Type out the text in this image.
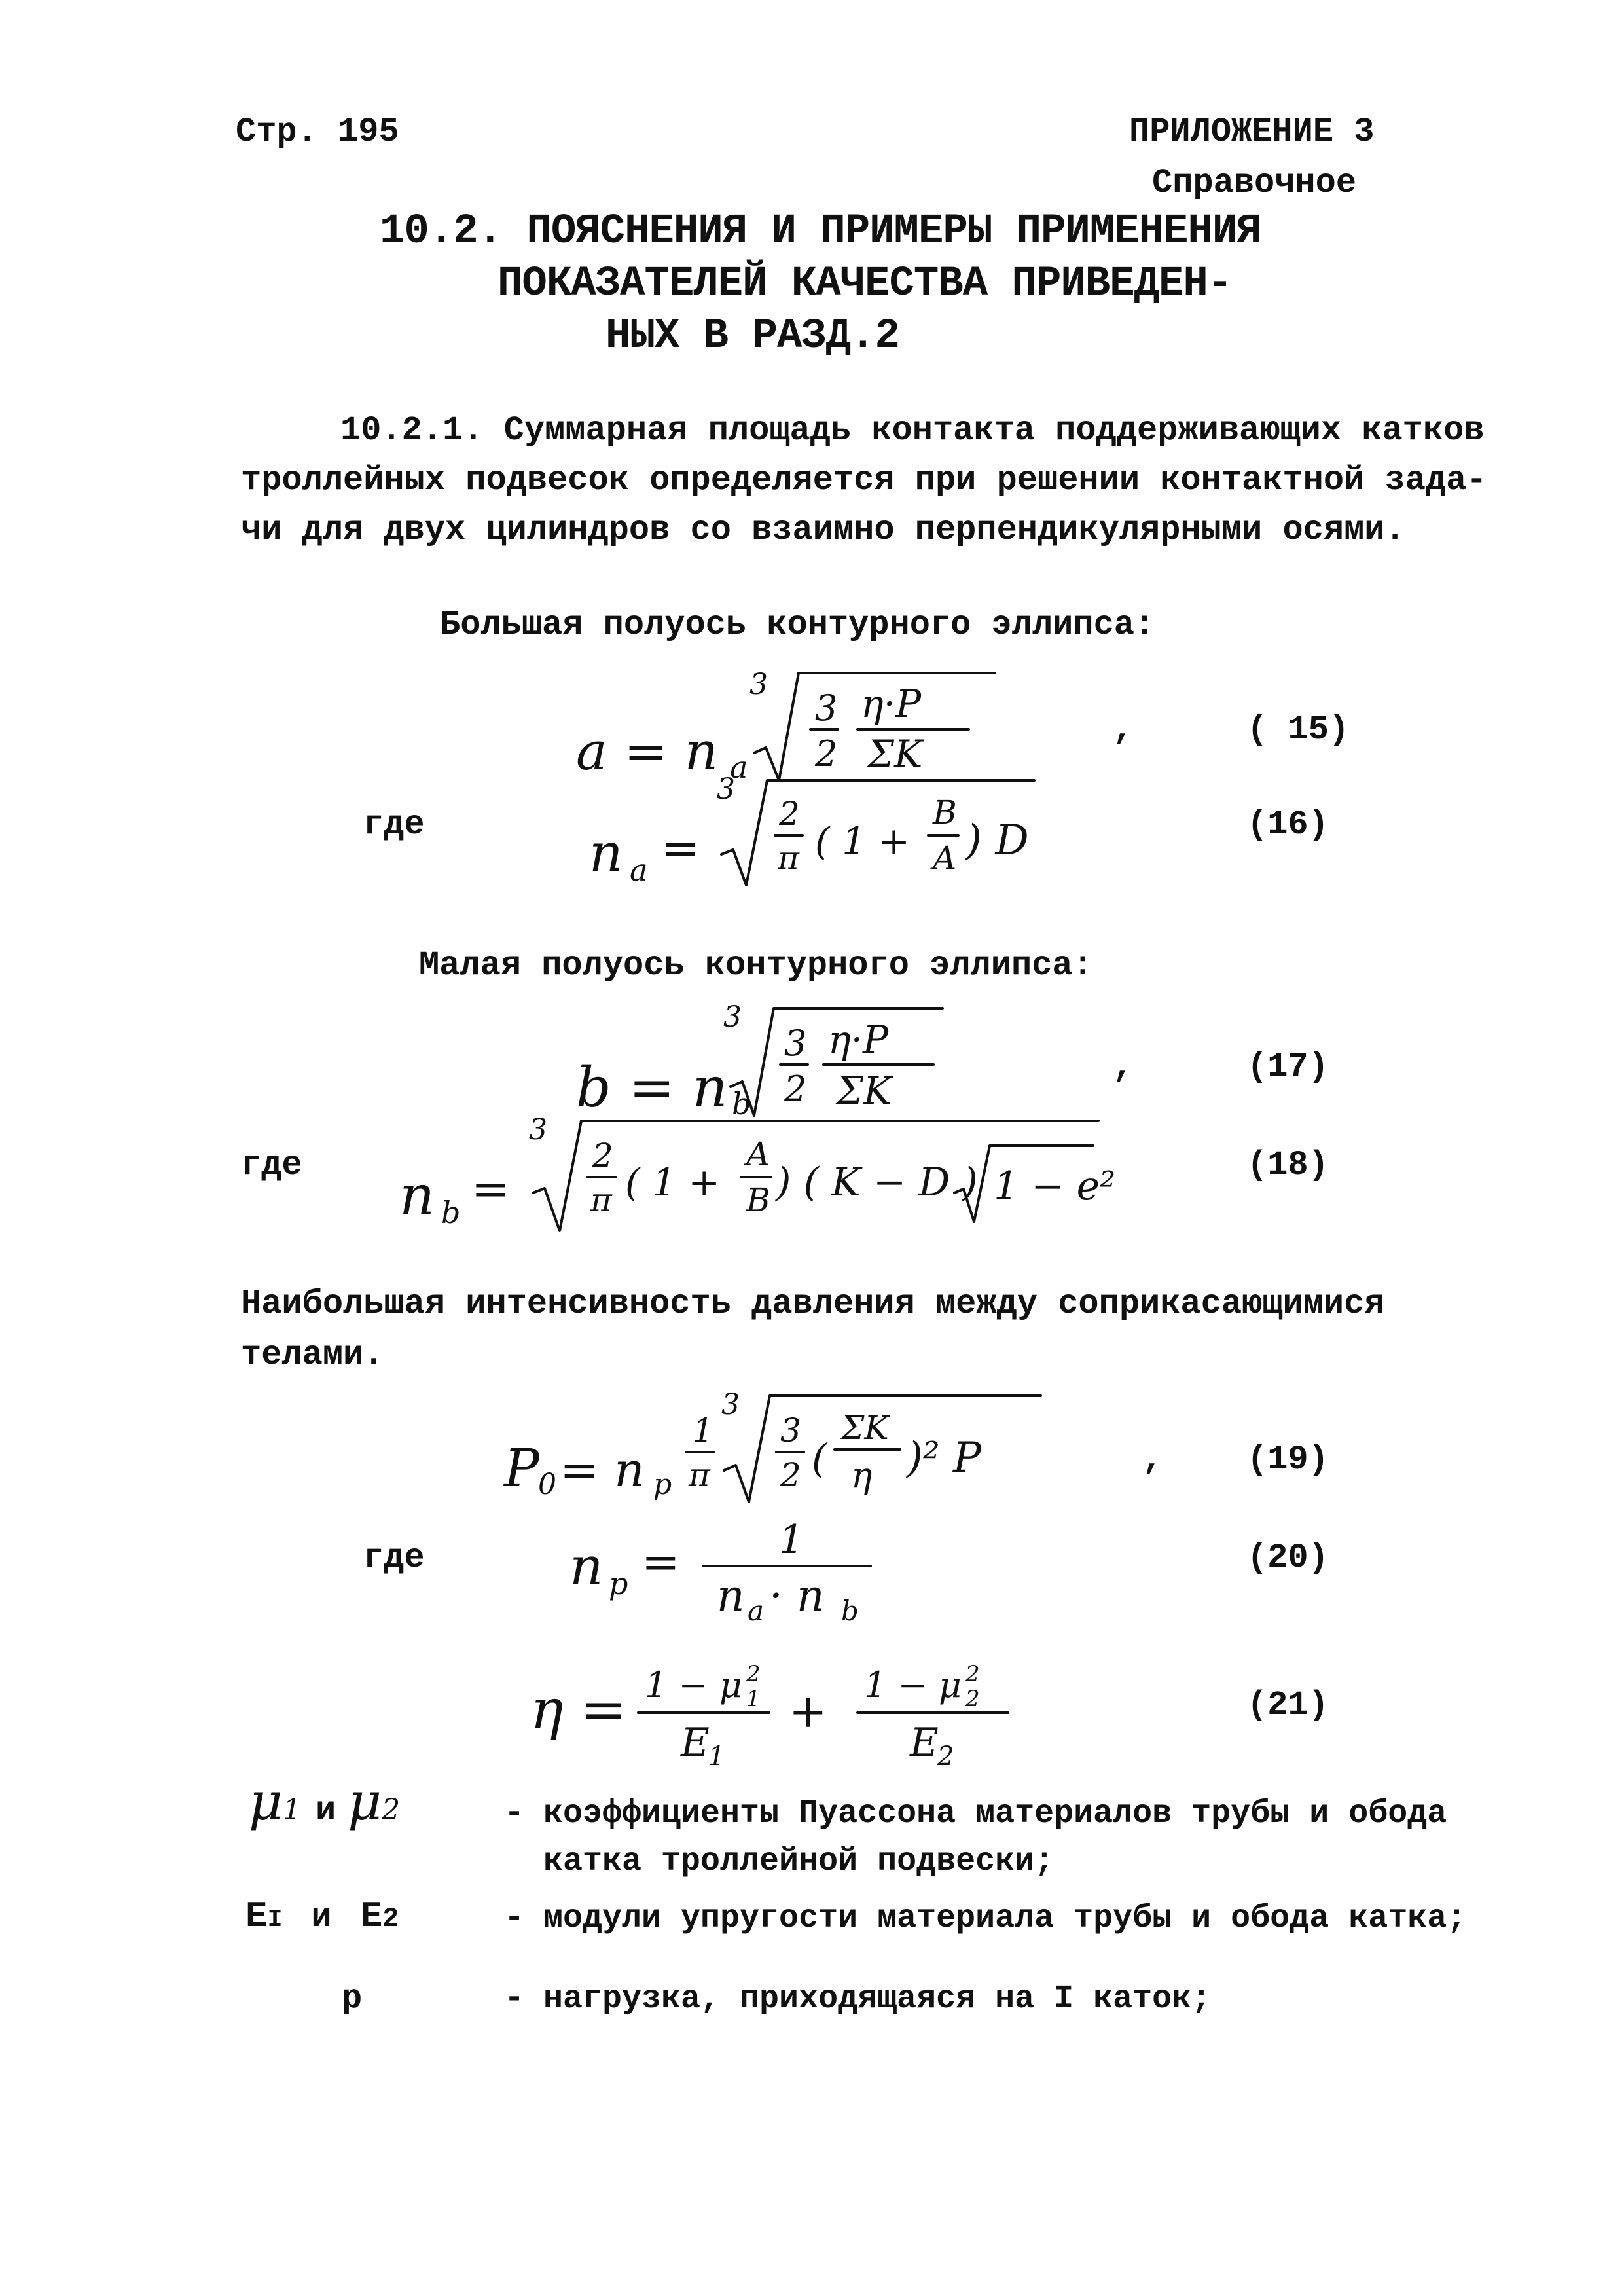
Стр. 195	ПРИЛОЖЕНИЕ 3
Справочное
10.2. ПОЯСНЕНИЯ И ПРИМЕРЫ ПРИМЕНЕНИЯ
ПОКАЗАТЕЛЕЙ КАЧЕСТВА ПРИВЕДЕН-
НЫХ В РАЗД.2
10.2.1. Суммарная площадь контакта поддерживающих катков
троллейных подвесок определяется при решении контактной зада-
чи для двух цилиндров со взаимно перпендикулярными осями.
Большая полуось контурного эллипса:
a = n a
3
3
2
η·P
ΣK
,	( 15)
где	n a =
3
2
π ( 1 +
B
A ) D	(16)
Малая полуось контурного эллипса:
b = n b
3
3
2
η·P
ΣK
,	(17)
где n b =
3
2
π ( 1 +
A
B ) ( K − D ) 1 − e²	(18)
Наибольшая интенсивность давления между соприкасающимися
телами.
P
0 = n p
1
π
3
3
2 (
ΣK
η )² P	, (19)
где	n p =	1
n a · n b
(20)
η = 1 − μ 2
1
E
1
+ 1 − μ 2
2
E
2
(21)
μ1 и μ2	- коэффициенты Пуассона материалов трубы и обода
катка троллейной подвески;
EI и E2	- модули упругости материала трубы и обода катка;
p	- нагрузка, приходящаяся на I каток;
